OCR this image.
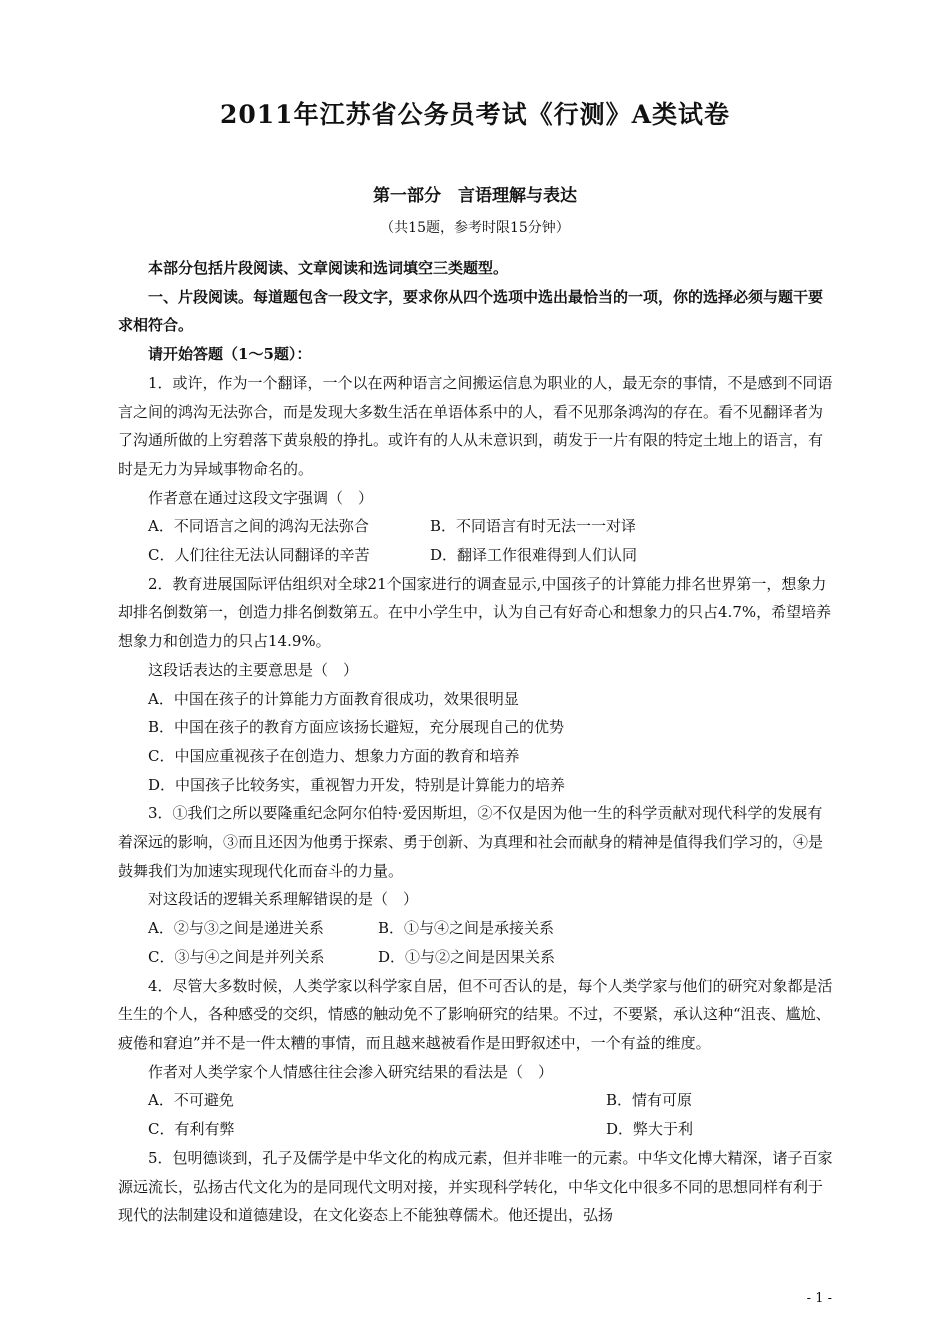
2011年江苏省公务员考试《行测》A类试卷
第一部分　言语理解与表达
（共15题，参考时限15分钟）

本部分包括片段阅读、文章阅读和选词填空三类题型。

一、片段阅读。每道题包含一段文字，要求你从四个选项中选出最恰当的一项，你的选择必须与题干要求相符合。

请开始答题（1～5题）：

1．或许，作为一个翻译，一个以在两种语言之间搬运信息为职业的人，最无奈的事情，不是感到不同语言之间的鸿沟无法弥合，而是发现大多数生活在单语体系中的人，看不见那条鸿沟的存在。看不见翻译者为了沟通所做的上穷碧落下黄泉般的挣扎。或许有的人从未意识到，萌发于一片有限的特定土地上的语言，有时是无力为异域事物命名的。

作者意在通过这段文字强调（　）

A．不同语言之间的鸿沟无法弥合	B．不同语言有时无法一一对译
C．人们往往无法认同翻译的辛苦	D．翻译工作很难得到人们认同

2．教育进展国际评估组织对全球21个国家进行的调查显示,中国孩子的计算能力排名世界第一，想象力却排名倒数第一，创造力排名倒数第五。在中小学生中，认为自己有好奇心和想象力的只占4.7%，希望培养想象力和创造力的只占14.9%。

这段话表达的主要意思是（　）

A．中国在孩子的计算能力方面教育很成功，效果很明显

B．中国在孩子的教育方面应该扬长避短，充分展现自己的优势

C．中国应重视孩子在创造力、想象力方面的教育和培养

D．中国孩子比较务实，重视智力开发，特别是计算能力的培养

3．①我们之所以要隆重纪念阿尔伯特·爱因斯坦，②不仅是因为他一生的科学贡献对现代科学的发展有着深远的影响，③而且还因为他勇于探索、勇于创新、为真理和社会而献身的精神是值得我们学习的，④是鼓舞我们为加速实现现代化而奋斗的力量。

对这段话的逻辑关系理解错误的是（　）

A．②与③之间是递进关系	B．①与④之间是承接关系
C．③与④之间是并列关系	D．①与②之间是因果关系

4．尽管大多数时候，人类学家以科学家自居，但不可否认的是，每个人类学家与他们的研究对象都是活生生的个人，各种感受的交织，情感的触动免不了影响研究的结果。不过，不要紧，承认这种“沮丧、尴尬、疲倦和窘迫”并不是一件太糟的事情，而且越来越被看作是田野叙述中，一个有益的维度。

作者对人类学家个人情感往往会渗入研究结果的看法是（　）

A．不可避免	B．情有可原
C．有利有弊	D．弊大于利

5．包明德谈到，孔子及儒学是中华文化的构成元素，但并非唯一的元素。中华文化博大精深，诸子百家源远流长，弘扬古代文化为的是同现代文明对接，并实现科学转化，中华文化中很多不同的思想同样有利于现代的法制建设和道德建设，在文化姿态上不能独尊儒术。他还提出，弘扬

- 1 -
